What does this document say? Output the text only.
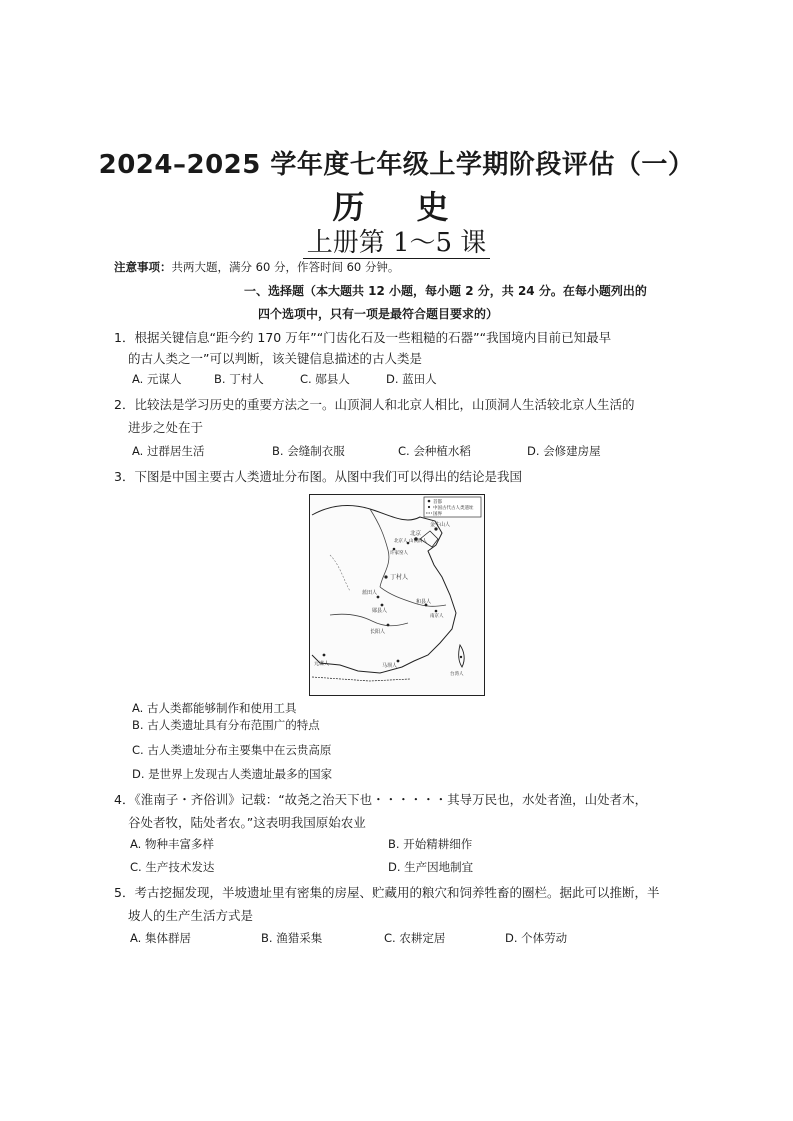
2024–2025 学年度七年级上学期阶段评估（一）
历史
上册第 1～5 课
注意事项：共两大题，满分 60 分，作答时间 60 分钟。
一、选择题（本大题共 12 小题，每小题 2 分，共 24 分。在每小题列出的
四个选项中，只有一项是最符合题目要求的）
1．根据关键信息“距今约 170 万年”“门齿化石及一些粗糙的石器”“我国境内目前已知最早
的古人类之一”可以判断，该关键信息描述的古人类是
A. 元谋人	B. 丁村人	C. 郧县人	D. 蓝田人
2．比较法是学习历史的重要方法之一。山顶洞人和北京人相比，山顶洞人生活较北京人生活的
进步之处在于
A. 过群居生活	B. 会缝制衣服	C. 会种植水稻	D. 会修建房屋
3．下图是中国主要古人类遗址分布图。从图中我们可以得出的结论是我国
首都
中国古代古人类遗址
国界
金牛山人
北京
北京人 山顶洞人
许家窑人
丁村人
蓝田人
郧县人
和县人
南京人
长阳人
元谋人	马坝人
台湾人
A. 古人类都能够制作和使用工具
B. 古人类遗址具有分布范围广的特点
C. 古人类遗址分布主要集中在云贵高原
D. 是世界上发现古人类遗址最多的国家
4．《淮南子・齐俗训》记载：“故尧之治天下也・・・・・・其导万民也，水处者渔，山处者木，
谷处者牧，陆处者农。”这表明我国原始农业
A. 物种丰富多样	B. 开始精耕细作
C. 生产技术发达	D. 生产因地制宜
5．考古挖掘发现，半坡遗址里有密集的房屋、贮藏用的粮穴和饲养牲畜的圈栏。据此可以推断，半
坡人的生产生活方式是
A. 集体群居	B. 渔猎采集	C. 农耕定居	D. 个体劳动
